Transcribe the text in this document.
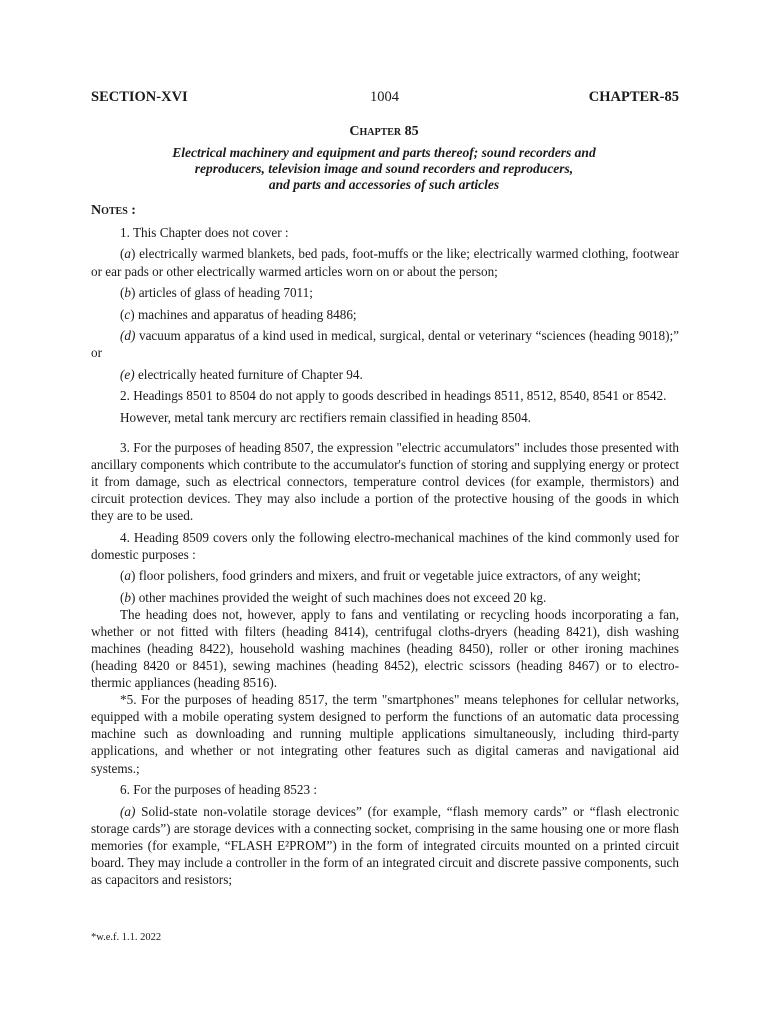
SECTION-XVI	1004	CHAPTER-85
Chapter 85
Electrical machinery and equipment and parts thereof; sound recorders and
reproducers, television image and sound recorders and reproducers,
and parts and accessories of such articles
Notes :

1. This Chapter does not cover :

(a) electrically warmed blankets, bed pads, foot-muffs or the like; electrically warmed clothing, footwear or ear pads or other electrically warmed articles worn on or about the person;

(b) articles of glass of heading 7011;

(c) machines and apparatus of heading 8486;

(d) vacuum apparatus of a kind used in medical, surgical, dental or veterinary “sciences (heading 9018);” or

(e) electrically heated furniture of Chapter 94.

2. Headings 8501 to 8504 do not apply to goods described in headings 8511, 8512, 8540, 8541 or 8542.

However, metal tank mercury arc rectifiers remain classified in heading 8504.

3. For the purposes of heading 8507, the expression "electric accumulators" includes those presented with ancillary components which contribute to the accumulator's function of storing and supplying energy or protect it from damage, such as electrical connectors, temperature control devices (for example, thermistors) and circuit protection devices. They may also include a portion of the protective housing of the goods in which they are to be used.

4. Heading 8509 covers only the following electro-mechanical machines of the kind commonly used for domestic purposes :

(a) floor polishers, food grinders and mixers, and fruit or vegetable juice extractors, of any weight;

(b) other machines provided the weight of such machines does not exceed 20 kg.

The heading does not, however, apply to fans and ventilating or recycling hoods incorporating a fan, whether or not fitted with filters (heading 8414), centrifugal cloths-dryers (heading 8421), dish washing machines (heading 8422), household washing machines (heading 8450), roller or other ironing machines (heading 8420 or 8451), sewing machines (heading 8452), electric scissors (heading 8467) or to electro-thermic appliances (heading 8516).

*5. For the purposes of heading 8517, the term "smartphones" means telephones for cellular networks, equipped with a mobile operating system designed to perform the functions of an automatic data processing machine such as downloading and running multiple applications simultaneously, including third-party applications, and whether or not integrating other features such as digital cameras and navigational aid systems.;

6. For the purposes of heading 8523 :

(a) Solid-state non-volatile storage devices” (for example, “flash memory cards” or “flash electronic storage cards”) are storage devices with a connecting socket, comprising in the same housing one or more flash memories (for example, “FLASH E²PROM”) in the form of integrated circuits mounted on a printed circuit board. They may include a controller in the form of an integrated circuit and discrete passive components, such as capacitors and resistors;

*w.e.f. 1.1. 2022
